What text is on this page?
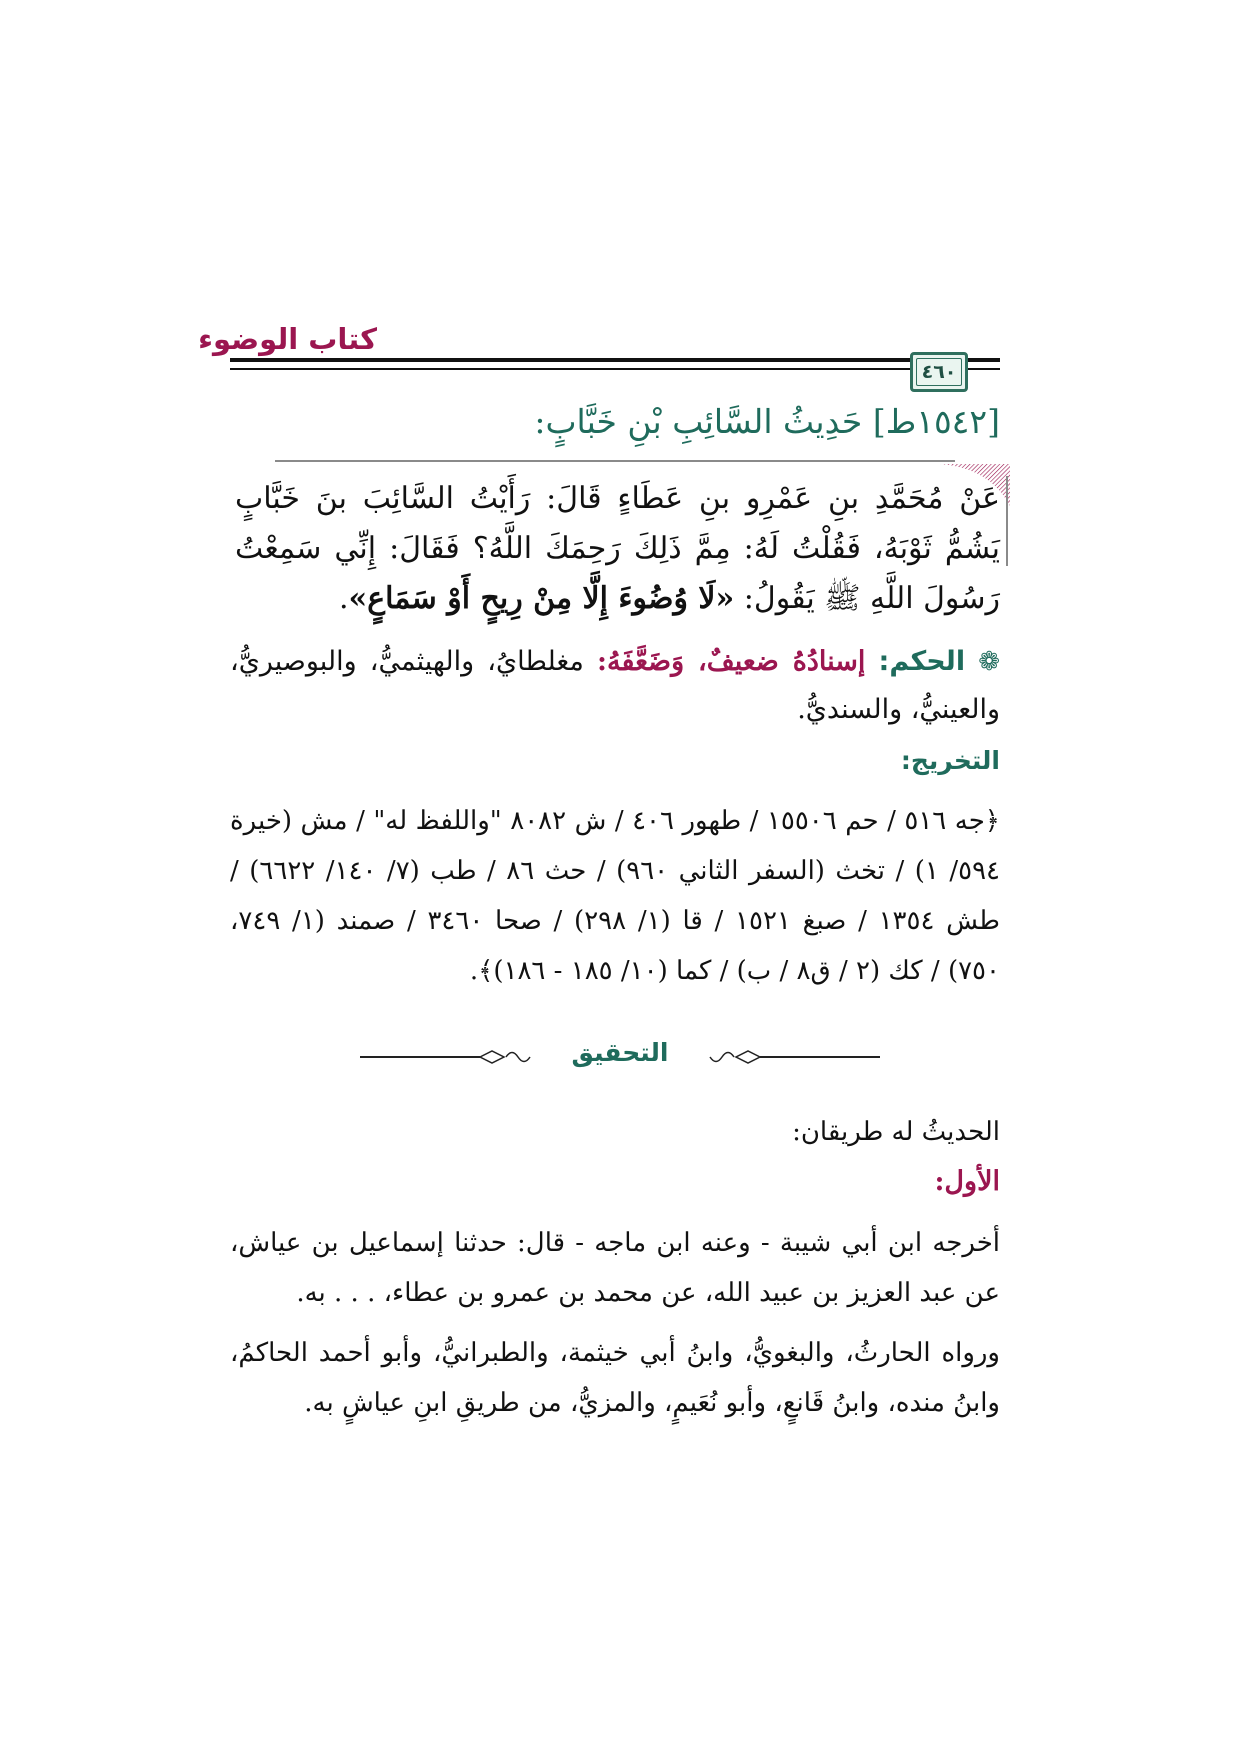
كتاب الوضوء
٤٦٠
[١٥٤٢ط] حَدِيثُ السَّائِبِ بْنِ خَبَّابٍ:
عَنْ مُحَمَّدِ بنِ عَمْرِو بنِ عَطَاءٍ قَالَ: رَأَيْتُ السَّائِبَ بنَ خَبَّابٍ يَشُمُّ ثَوْبَهُ، فَقُلْتُ لَهُ: مِمَّ ذَلِكَ رَحِمَكَ اللَّهُ؟ فَقَالَ: إِنِّي سَمِعْتُ رَسُولَ اللَّهِ ﷺ يَقُولُ: «لَا وُضُوءَ إِلَّا مِنْ رِيحٍ أَوْ سَمَاعٍ».
❁ الحكم: إسنادُهُ ضعيفٌ، وَضَعَّفَهُ: مغلطايُ، والهيثميُّ، والبوصيريُّ، والعينيُّ، والسنديُّ.
التخريج:
﴿جه ٥١٦ / حم ١٥٥٠٦ / طهور ٤٠٦ / ش ٨٠٨٢ "واللفظ له" / مش (خيرة ٥٩٤/ ١) / تخث (السفر الثاني ٩٦٠) / حث ٨٦ / طب (٧/ ١٤٠/ ٦٦٢٢) / طش ١٣٥٤ / صبغ ١٥٢١ / قا (١/ ٢٩٨) / صحا ٣٤٦٠ / صمند (١/ ٧٤٩، ٧٥٠) / كك (٢ / ق٨ / ب) / كما (١٠/ ١٨٥ - ١٨٦)﴾.
التحقيق
الحديثُ له طريقان:
الأول:
أخرجه ابن أبي شيبة - وعنه ابن ماجه - قال: حدثنا إسماعيل بن عياش، عن عبد العزيز بن عبيد الله، عن محمد بن عمرو بن عطاء، . . . به.
ورواه الحارثُ، والبغويُّ، وابنُ أبي خيثمة، والطبرانيُّ، وأبو أحمد الحاكمُ، وابنُ منده، وابنُ قَانعٍ، وأبو نُعَيمٍ، والمزيُّ، من طريقِ ابنِ عياشٍ به.
